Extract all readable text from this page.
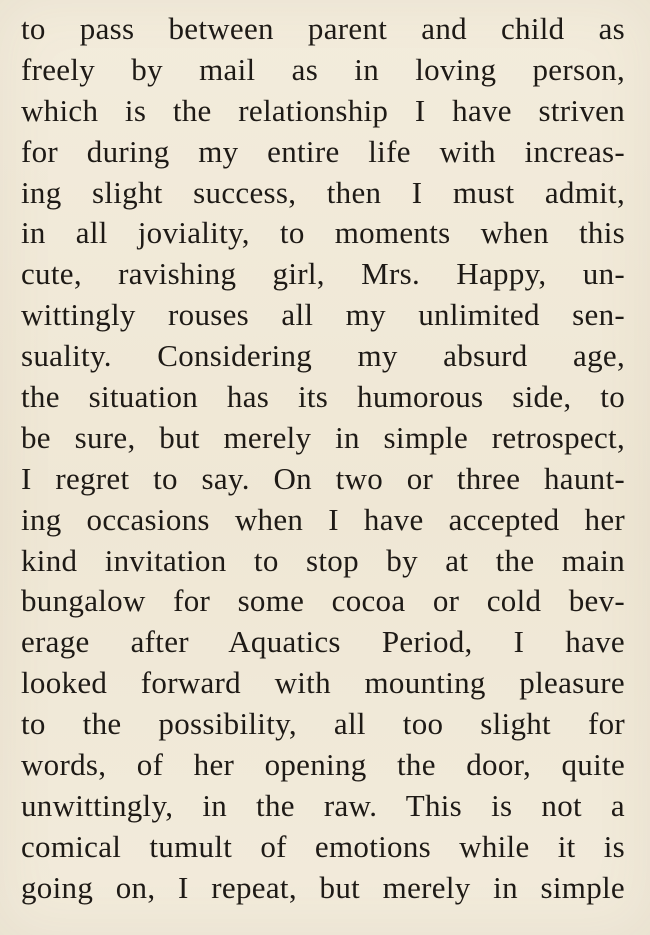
to pass between parent and child as
freely by mail as in loving person,
which is the relationship I have striven
for during my entire life with increas-
ing slight success, then I must admit,
in all joviality, to moments when this
cute, ravishing girl, Mrs. Happy, un-
wittingly rouses all my unlimited sen-
suality. Considering my absurd age,
the situation has its humorous side, to
be sure, but merely in simple retrospect,
I regret to say. On two or three haunt-
ing occasions when I have accepted her
kind invitation to stop by at the main
bungalow for some cocoa or cold bev-
erage after Aquatics Period, I have
looked forward with mounting pleasure
to the possibility, all too slight for
words, of her opening the door, quite
unwittingly, in the raw. This is not a
comical tumult of emotions while it is
going on, I repeat, but merely in simple
